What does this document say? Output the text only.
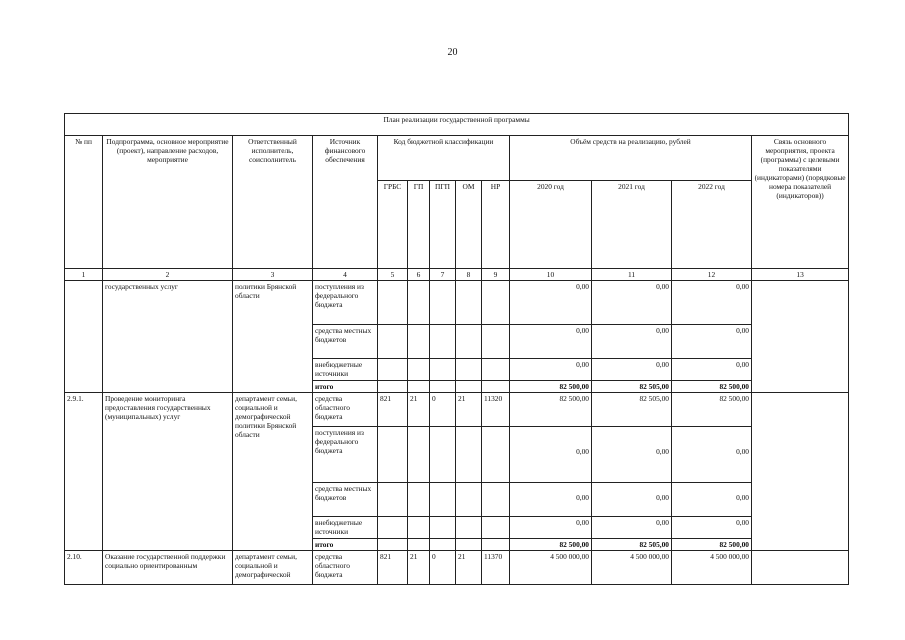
20
План реализации государственной программы												
№ пп	Подпрограмма, основное мероприятие (проект), направление расходов, мероприятие	Ответственный исполнитель, соисполнитель	Источник финансового обеспечения	Код бюджетной классификации					Объём средств на реализацию, рублей			Связь основного мероприятия, проекта (программы) с целевыми показателями (индикаторами) (порядковые номера показателей (индикаторов))
				ГРБС	ГП	ПГП	ОМ	НР	2020 год	2021 год	2022 год	
1	2	3	4	5	6	7	8	9	10	11	12	13
	государственных услуг	политики Брянской области	поступления из федерального бюджета						0,00	0,00	0,00	
			средства местных бюджетов						0,00	0,00	0,00	
			внебюджетные источники						0,00	0,00	0,00	
			итого						82 500,00	82 505,00	82 500,00	
2.9.1.	Проведение мониторинга предоставления государственных (муниципальных) услуг	департамент семьи, социальной и демографической политики Брянской области	средства областного бюджета	821	21	0	21	11320	82 500,00	82 505,00	82 500,00	
			поступления из федерального бюджета						0,00	0,00	0,00	
			средства местных бюджетов						0,00	0,00	0,00	
			внебюджетные источники						0,00	0,00	0,00	
			итого						82 500,00	82 505,00	82 500,00	
2.10.	Оказание государственной поддержки социально ориентированным	департамент семьи, социальной и демографической	средства областного бюджета	821	21	0	21	11370	4 500 000,00	4 500 000,00	4 500 000,00	
